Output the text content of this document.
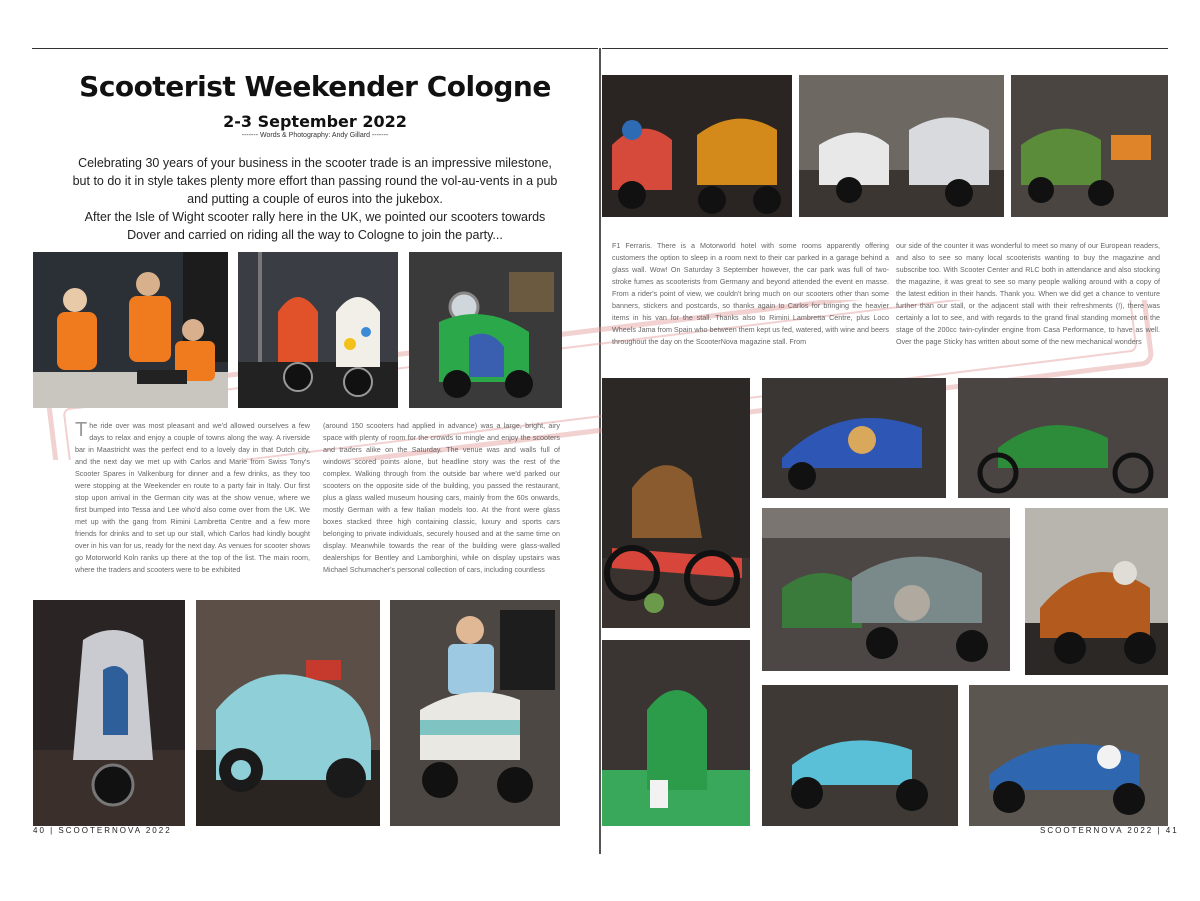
Scooterist Weekender Cologne
2-3 September 2022
------- Words & Photography: Andy Gillard -------

Celebrating 30 years of your business in the scooter trade is an impressive milestone, but to do it in style takes plenty more effort than passing round the vol-au-vents in a pub and putting a couple of euros into the jukebox.

After the Isle of Wight scooter rally here in the UK, we pointed our scooters towards Dover and carried on riding all the way to Cologne to join the party...

The ride over was most pleasant and we'd allowed ourselves a few days to relax and enjoy a couple of towns along the way. A riverside bar in Maastricht was the perfect end to a lovely day in that Dutch city, and the next day we met up with Carlos and Marie from Swiss Tony's Scooter Spares in Valkenburg for dinner and a few drinks, as they too were stopping at the Weekender en route to a party fair in Italy. Our first stop upon arrival in the German city was at the show venue, where we first bumped into Tessa and Lee who'd also come over from the UK. We met up with the gang from Rimini Lambretta Centre and a few more friends for drinks and to set up our stall, which Carlos had kindly bought over in his van for us, ready for the next day. As venues for scooter shows go Motorworld Koln ranks up there at the top of the list. The main room, where the traders and scooters were to be exhibited

(around 150 scooters had applied in advance) was a large, bright, airy space with plenty of room for the crowds to mingle and enjoy the scooters and traders alike on the Saturday. The venue was and walls full of windows scored points alone, but headline story was the rest of the complex. Walking through from the outside bar where we'd parked our scooters on the opposite side of the building, you passed the restaurant, plus a glass walled museum housing cars, mainly from the 60s onwards, mostly German with a few Italian models too. At the front were glass boxes stacked three high containing classic, luxury and sports cars belonging to private individuals, securely housed and at the same time on display. Meanwhile towards the rear of the building were glass-walled dealerships for Bentley and Lamborghini, while on display upstairs was Michael Schumacher's personal collection of cars, including countless

40 | SCOOTERNOVA 2022

F1 Ferraris. There is a Motorworld hotel with some rooms apparently offering customers the option to sleep in a room next to their car parked in a garage behind a glass wall. Wow! On Saturday 3 September however, the car park was full of two-stroke fumes as scooterists from Germany and beyond attended the event en masse. From a rider's point of view, we couldn't bring much on our scooters other than some banners, stickers and postcards, so thanks again to Carlos for bringing the heavier items in his van for the stall. Thanks also to Rimini Lambretta Centre, plus Loco Wheels Jama from Spain who between them kept us fed, watered, with wine and beers throughout the day on the ScooterNova magazine stall. From

our side of the counter it was wonderful to meet so many of our European readers, and also to see so many local scooterists wanting to buy the magazine and subscribe too. With Scooter Center and RLC both in attendance and also stocking the magazine, it was great to see so many people walking around with a copy of the latest edition in their hands. Thank you. When we did get a chance to venture further than our stall, or the adjacent stall with their refreshments (!), there was certainly a lot to see, and with regards to the grand final standing moment on the stage of the 200cc twin-cylinder engine from Casa Performance, to have as well. Over the page Sticky has written about some of the new mechanical wonders

SCOOTERNOVA 2022 | 41
